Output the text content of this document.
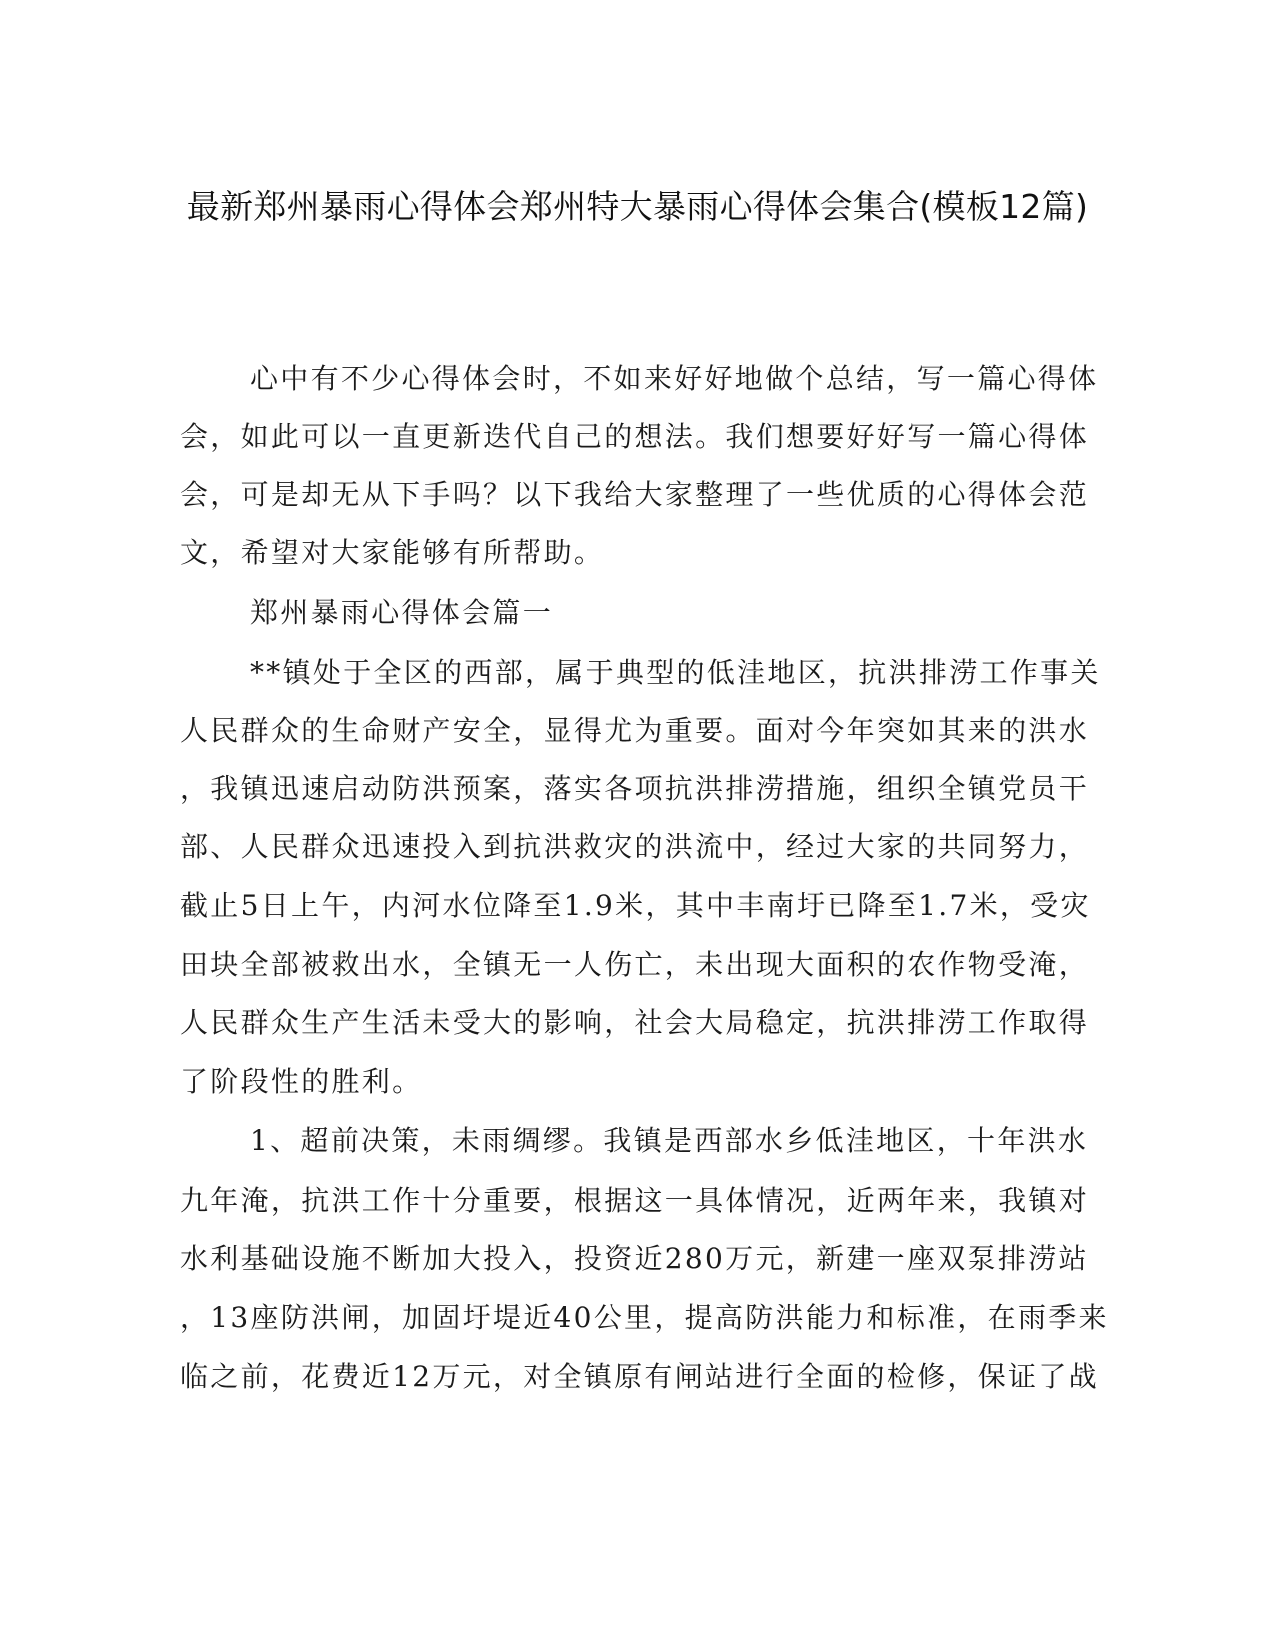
最新郑州暴雨心得体会郑州特大暴雨心得体会集合(模板12篇)

心中有不少心得体会时，不如来好好地做个总结，写一篇心得体

会，如此可以一直更新迭代自己的想法。我们想要好好写一篇心得体

会，可是却无从下手吗？以下我给大家整理了一些优质的心得体会范

文，希望对大家能够有所帮助。

郑州暴雨心得体会篇一

**镇处于全区的西部，属于典型的低洼地区，抗洪排涝工作事关

人民群众的生命财产安全，显得尤为重要。面对今年突如其来的洪水

，我镇迅速启动防洪预案，落实各项抗洪排涝措施，组织全镇党员干

部、人民群众迅速投入到抗洪救灾的洪流中，经过大家的共同努力，

截止5日上午，内河水位降至1.9米，其中丰南圩已降至1.7米，受灾

田块全部被救出水，全镇无一人伤亡，未出现大面积的农作物受淹，

人民群众生产生活未受大的影响，社会大局稳定，抗洪排涝工作取得

了阶段性的胜利。

1、超前决策，未雨绸缪。我镇是西部水乡低洼地区，十年洪水

九年淹，抗洪工作十分重要，根据这一具体情况，近两年来，我镇对

水利基础设施不断加大投入，投资近280万元，新建一座双泵排涝站

，13座防洪闸，加固圩堤近40公里，提高防洪能力和标准，在雨季来

临之前，花费近12万元，对全镇原有闸站进行全面的检修，保证了战
